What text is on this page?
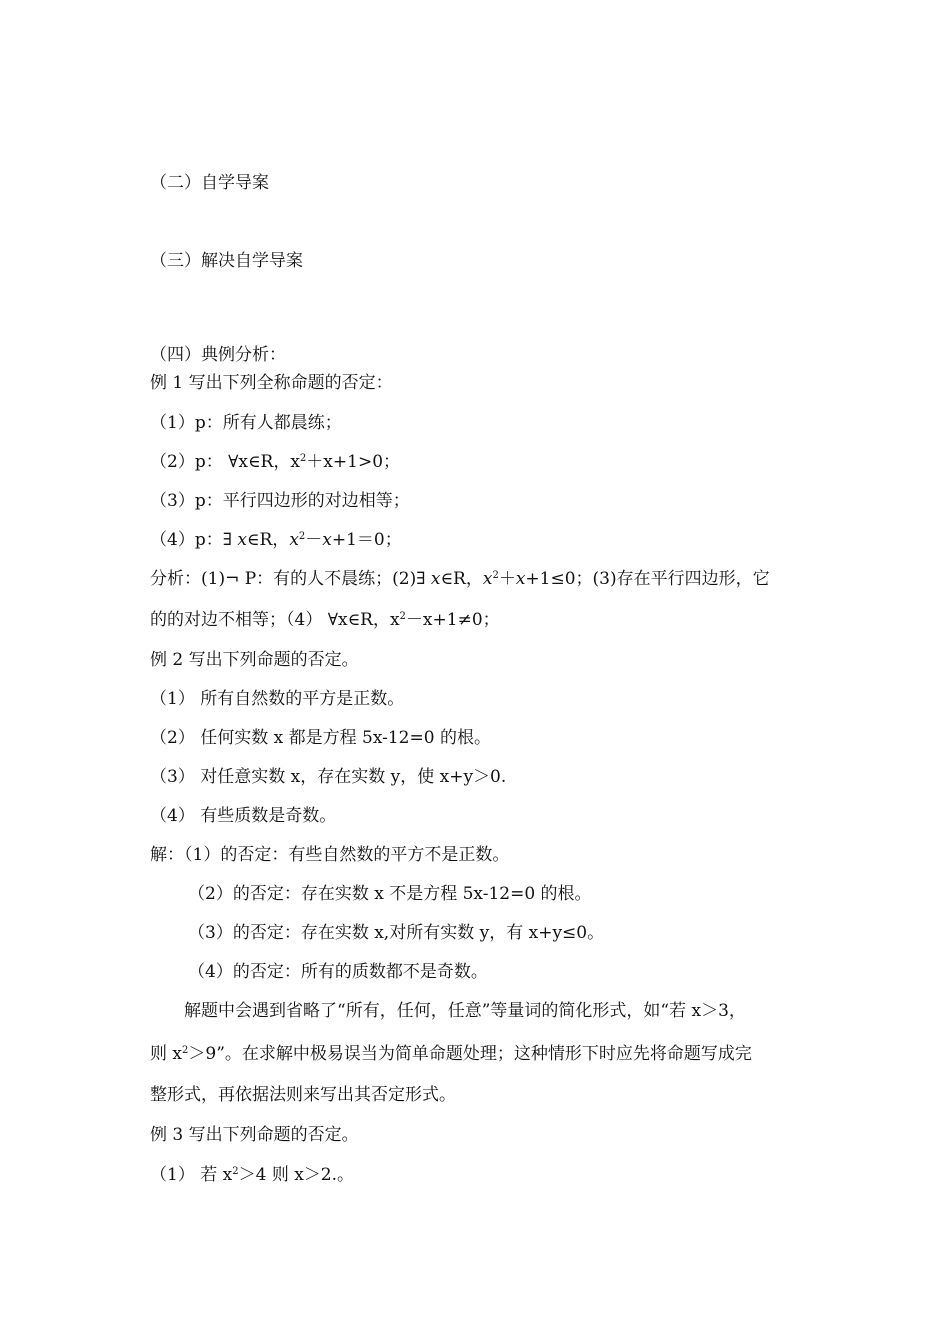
（二）自学导案
（三）解决自学导案
（四）典例分析：
例 1 写出下列全称命题的否定：
（1）p：所有人都晨练；
（2）p： ∀x∈R，$x^2+x+1>0$；
（3）p：平行四边形的对边相等；
（4）p：∃ x∈R，$x^2-x+1=0$；
分析：(1)¬ P：有的人不晨练；(2)∃ x∈R，$x^2+x+1\le 0$；(3)存在平行四边形，它
的的对边不相等；（4） ∀x∈R，$x^2-x+1\ne 0$；
例 2 写出下列命题的否定。
（1） 所有自然数的平方是正数。
（2） 任何实数 x 都是方程 5x-12=0 的根。
（3） 对任意实数 x，存在实数 y，使 x+y＞0.
（4） 有些质数是奇数。
解：（1）的否定：有些自然数的平方不是正数。
（2）的否定：存在实数 x 不是方程 5x-12=0 的根。
（3）的否定：存在实数 x,对所有实数 y，有 x+y≤0。
（4）的否定：所有的质数都不是奇数。
解题中会遇到省略了“所有，任何，任意”等量词的简化形式，如“若 x＞3，
则 $x^2>9$”。在求解中极易误当为简单命题处理；这种情形下时应先将命题写成完
整形式，再依据法则来写出其否定形式。
例 3 写出下列命题的否定。
（1） 若 $x^2>4$ 则 x＞2.。
